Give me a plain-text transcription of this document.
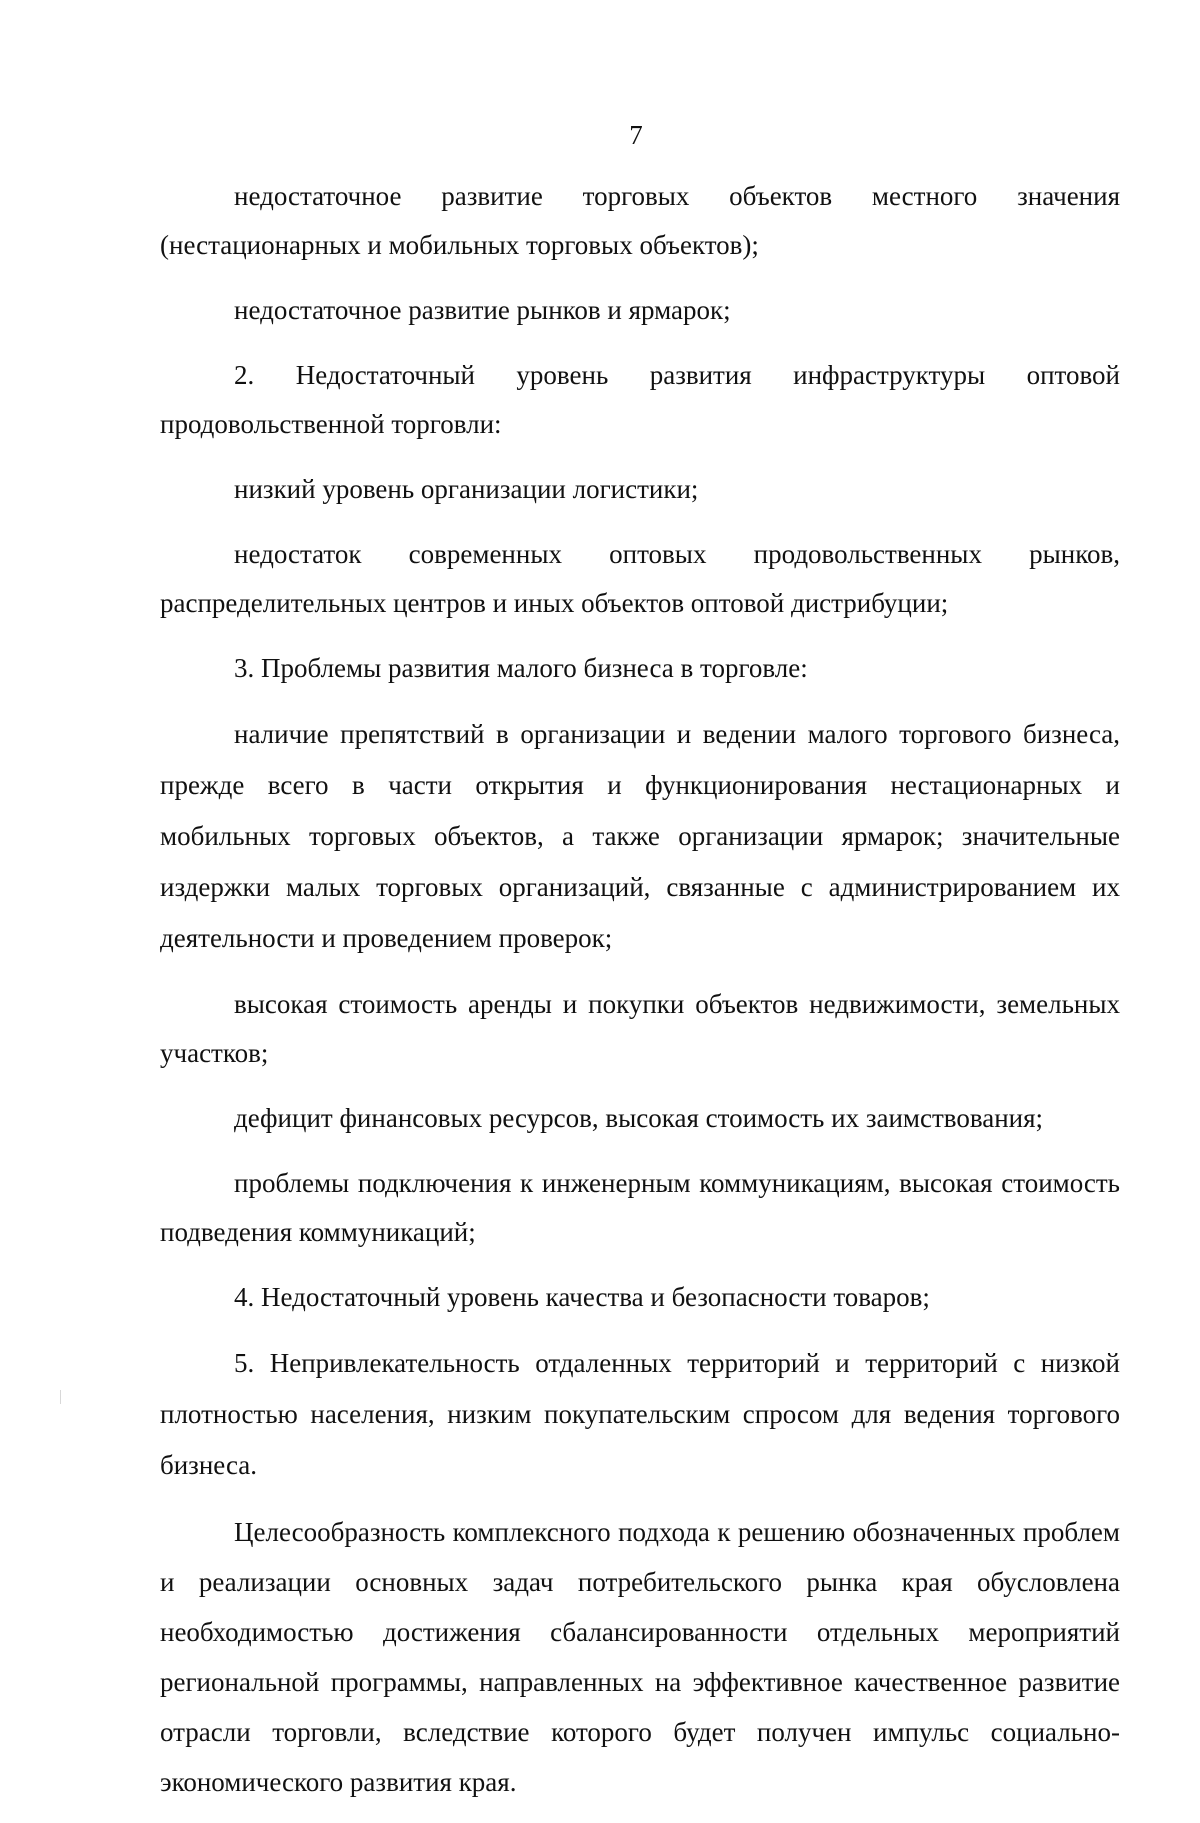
7

недостаточное развитие торговых объектов местного значения (нестационарных и мобильных торговых объектов);

недостаточное развитие рынков и ярмарок;

2. Недостаточный уровень развития инфраструктуры оптовой продовольственной торговли:

низкий уровень организации логистики;

недостаток современных оптовых продовольственных рынков, распределительных центров и иных объектов оптовой дистрибуции;

3. Проблемы развития малого бизнеса в торговле:

наличие препятствий в организации и ведении малого торгового бизнеса, прежде всего в части открытия и функционирования нестационарных и мобильных торговых объектов, а также организации ярмарок; значительные издержки малых торговых организаций, связанные с администрированием их деятельности и проведением проверок;

высокая стоимость аренды и покупки объектов недвижимости, земельных участков;

дефицит финансовых ресурсов, высокая стоимость их заимствования;

проблемы подключения к инженерным коммуникациям, высокая стоимость подведения коммуникаций;

4. Недостаточный уровень качества и безопасности товаров;

5. Непривлекательность отдаленных территорий и территорий с низкой плотностью населения, низким покупательским спросом для ведения торгового бизнеса.

Целесообразность комплексного подхода к решению обозначенных проблем и реализации основных задач потребительского рынка края обусловлена необходимостью достижения сбалансированности отдельных мероприятий региональной программы, направленных на эффективное качественное развитие отрасли торговли, вследствие которого будет получен импульс социально-экономического развития края.
